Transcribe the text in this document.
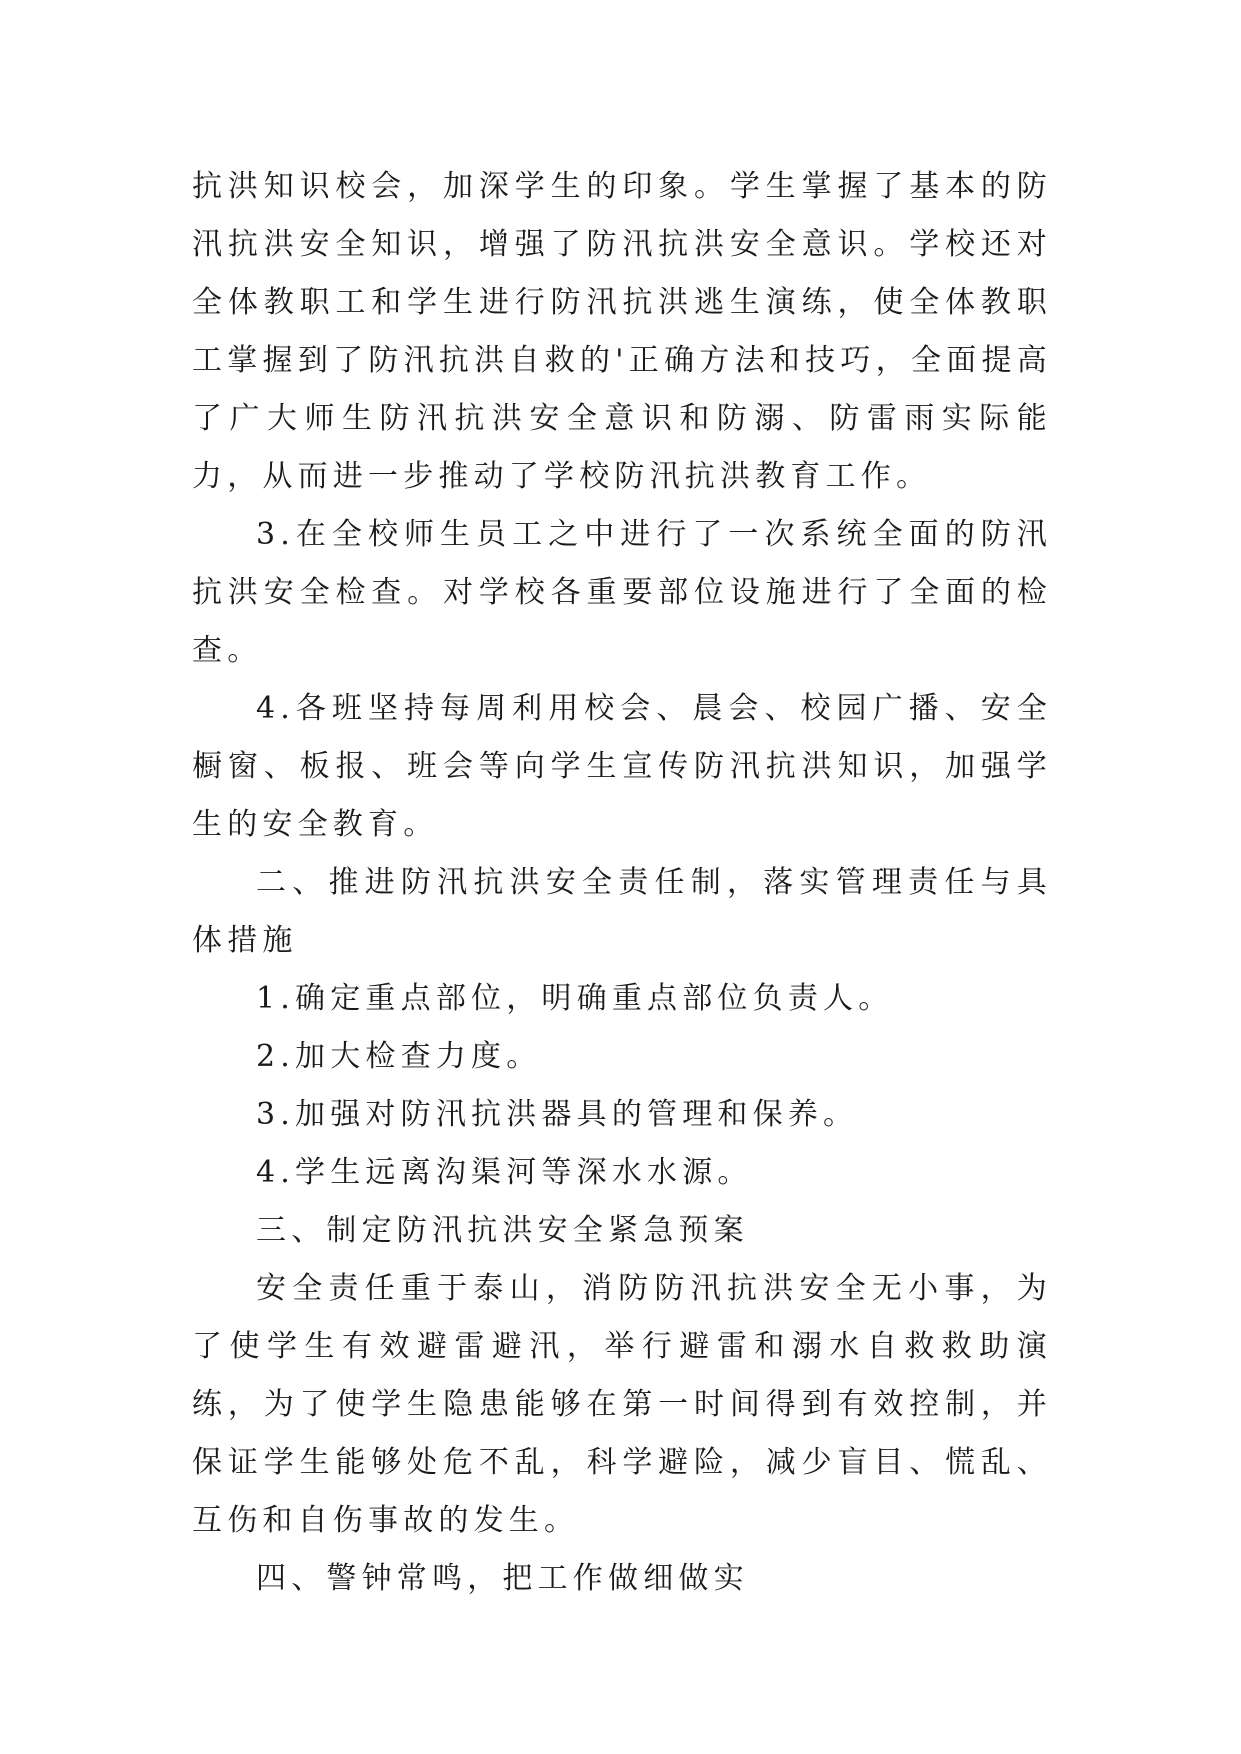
抗洪知识校会，加深学生的印象。学生掌握了基本的防汛抗洪安全知识，增强了防汛抗洪安全意识。学校还对全体教职工和学生进行防汛抗洪逃生演练，使全体教职工掌握到了防汛抗洪自救的'正确方法和技巧，全面提高了广大师生防汛抗洪安全意识和防溺、防雷雨实际能力，从而进一步推动了学校防汛抗洪教育工作。

3.在全校师生员工之中进行了一次系统全面的防汛抗洪安全检查。对学校各重要部位设施进行了全面的检查。

4.各班坚持每周利用校会、晨会、校园广播、安全橱窗、板报、班会等向学生宣传防汛抗洪知识，加强学生的安全教育。

二、推进防汛抗洪安全责任制，落实管理责任与具体措施

1.确定重点部位，明确重点部位负责人。

2.加大检查力度。

3.加强对防汛抗洪器具的管理和保养。

4.学生远离沟渠河等深水水源。

三、制定防汛抗洪安全紧急预案

安全责任重于泰山，消防防汛抗洪安全无小事，为了使学生有效避雷避汛，举行避雷和溺水自救救助演练，为了使学生隐患能够在第一时间得到有效控制，并保证学生能够处危不乱，科学避险，减少盲目、慌乱、互伤和自伤事故的发生。

四、警钟常鸣，把工作做细做实
